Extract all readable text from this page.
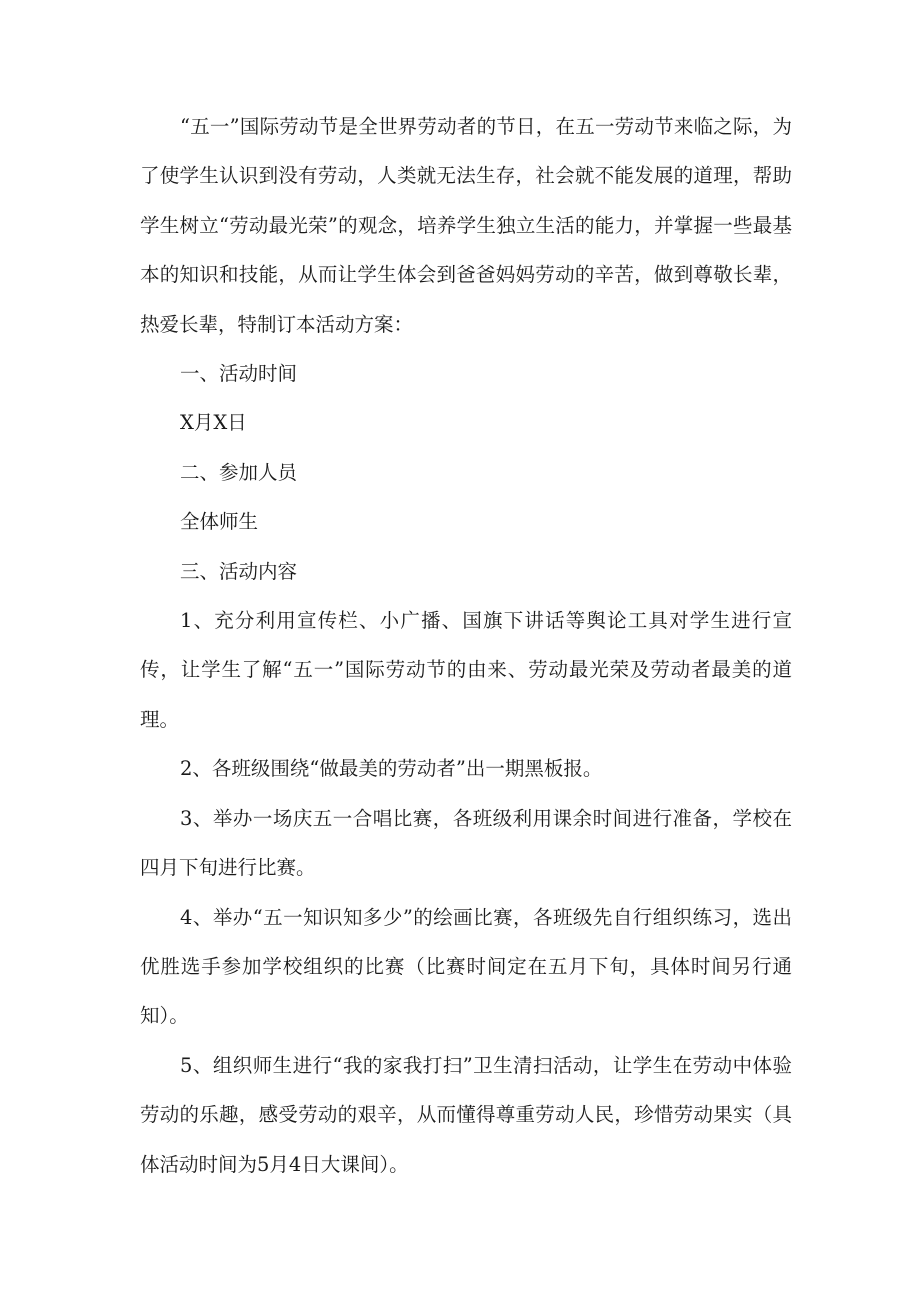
“五一”国际劳动节是全世界劳动者的节日，在五一劳动节来临之际，为了使学生认识到没有劳动，人类就无法生存，社会就不能发展的道理，帮助学生树立“劳动最光荣”的观念，培养学生独立生活的能力，并掌握一些最基本的知识和技能，从而让学生体会到爸爸妈妈劳动的辛苦，做到尊敬长辈，热爱长辈，特制订本活动方案：

一、活动时间

X月X日

二、参加人员

全体师生

三、活动内容

1、充分利用宣传栏、小广播、国旗下讲话等舆论工具对学生进行宣传，让学生了解“五一”国际劳动节的由来、劳动最光荣及劳动者最美的道理。

2、各班级围绕“做最美的劳动者”出一期黑板报。

3、举办一场庆五一合唱比赛，各班级利用课余时间进行准备，学校在四月下旬进行比赛。

4、举办“五一知识知多少”的绘画比赛，各班级先自行组织练习，选出优胜选手参加学校组织的比赛（比赛时间定在五月下旬，具体时间另行通知）。

5、组织师生进行“我的家我打扫”卫生清扫活动，让学生在劳动中体验劳动的乐趣，感受劳动的艰辛，从而懂得尊重劳动人民，珍惜劳动果实（具体活动时间为5月4日大课间）。
